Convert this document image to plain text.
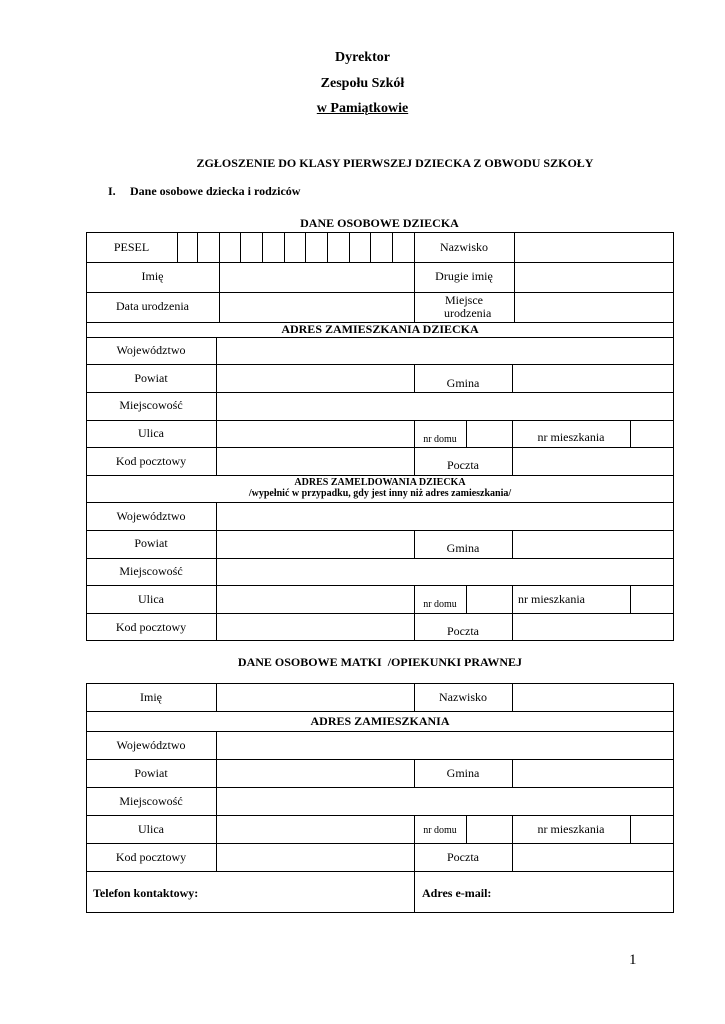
Dyrektor
Zespołu Szkół
w Pamiątkowie
ZGŁOSZENIE DO KLASY PIERWSZEJ DZIECKA Z OBWODU SZKOŁY
I. Dane osobowe dziecka i rodziców
DANE OSOBOWE DZIECKA
PESEL	Nazwisko
Imię	Drugie imię
Data urodzenia	Miejsce urodzenia
ADRES ZAMIESZKANIA DZIECKA
Województwo
Powiat	Gmina
Miejscowość
Ulica	nr domu	nr mieszkania
Kod pocztowy	Poczta
ADRES ZAMELDOWANIA DZIECKA
/wypełnić w przypadku, gdy jest inny niż adres zamieszkania/
Województwo
Powiat	Gmina
Miejscowość
Ulica	nr domu	nr mieszkania
Kod pocztowy	Poczta
DANE OSOBOWE MATKI  /OPIEKUNKI PRAWNEJ
Imię	Nazwisko
ADRES ZAMIESZKANIA
Województwo
Powiat	Gmina
Miejscowość
Ulica	nr domu	nr mieszkania
Kod pocztowy	Poczta
Telefon kontaktowy:	Adres e-mail:
1
